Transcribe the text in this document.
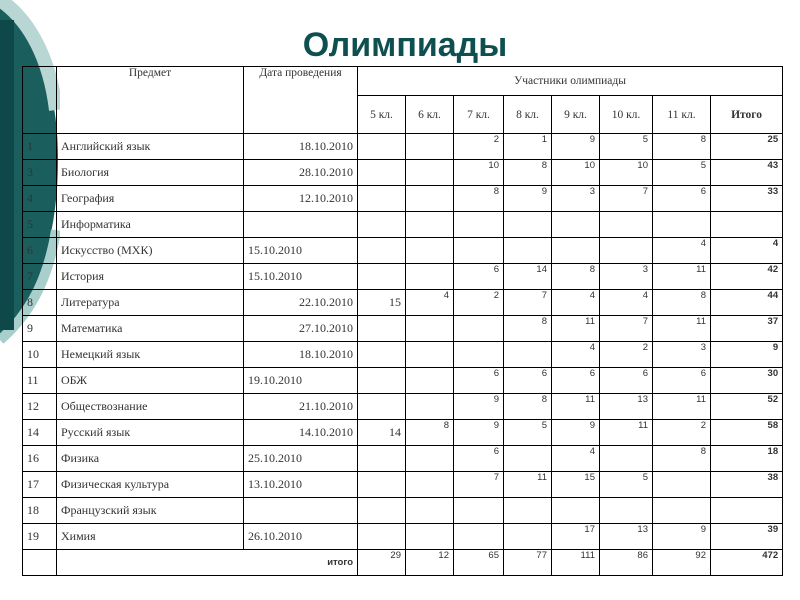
Олимпиады
	Предмет	Дата проведения	Участники олимпиады							
			5 кл.	6 кл.	7 кл.	8 кл.	9 кл.	10 кл.	11 кл.	Итого
1	Английский язык	18.10.2010			2	1	9	5	8	25
3	Биология	28.10.2010			10	8	10	10	5	43
4	География	12.10.2010			8	9	3	7	6	33
5	Информатика									
6	Искусство (МХК)	15.10.2010							4	4
7	История	15.10.2010			6	14	8	3	11	42
8	Литература	22.10.2010	15	4	2	7	4	4	8	44
9	Математика	27.10.2010				8	11	7	11	37
10	Немецкий язык	18.10.2010					4	2	3	9
11	ОБЖ	19.10.2010			6	6	6	6	6	30
12	Обществознание	21.10.2010			9	8	11	13	11	52
14	Русский язык	14.10.2010	14	8	9	5	9	11	2	58
16	Физика	25.10.2010			6		4		8	18
17	Физическая культура	13.10.2010			7	11	15	5		38
18	Французский язык									
19	Химия	26.10.2010					17	13	9	39
	итого		29	12	65	77	111	86	92	472
